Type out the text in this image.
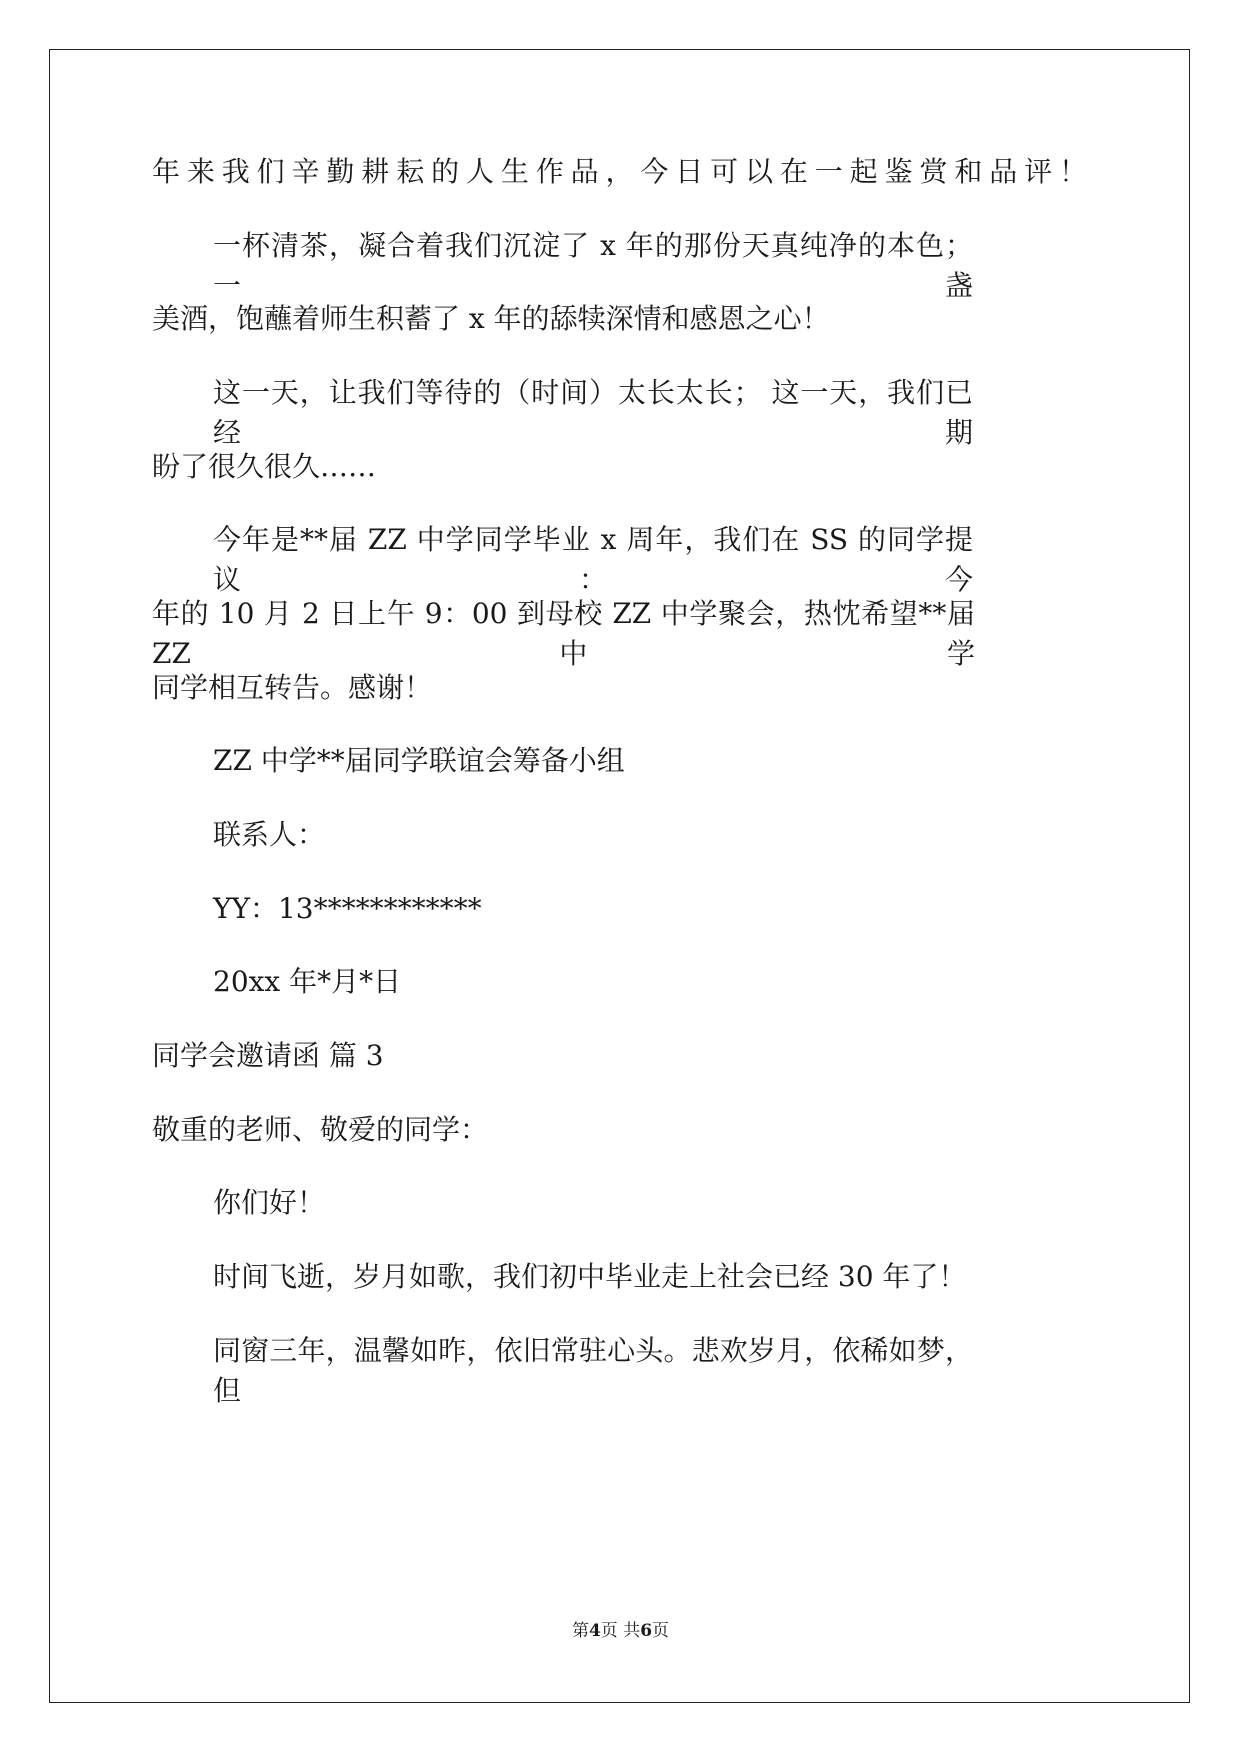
年来我们辛勤耕耘的人生作品，今日可以在一起鉴赏和品评！
一杯清茶，凝合着我们沉淀了 x 年的那份天真纯净的本色；一盏
美酒，饱蘸着师生积蓄了 x 年的舔犊深情和感恩之心！
这一天，让我们等待的（时间）太长太长； 这一天，我们已经期
盼了很久很久……
今年是**届 ZZ 中学同学毕业 x 周年，我们在 SS 的同学提议：今
年的 10 月 2 日上午 9：00 到母校 ZZ 中学聚会，热忱希望**届 ZZ 中学
同学相互转告。感谢！
ZZ 中学**届同学联谊会筹备小组
联系人：
YY：13************
20xx 年*月*日
同学会邀请函 篇 3
敬重的老师、敬爱的同学：
你们好！
时间飞逝，岁月如歌，我们初中毕业走上社会已经 30 年了！
同窗三年，温馨如昨，依旧常驻心头。悲欢岁月，依稀如梦，但
第4页 共6页
